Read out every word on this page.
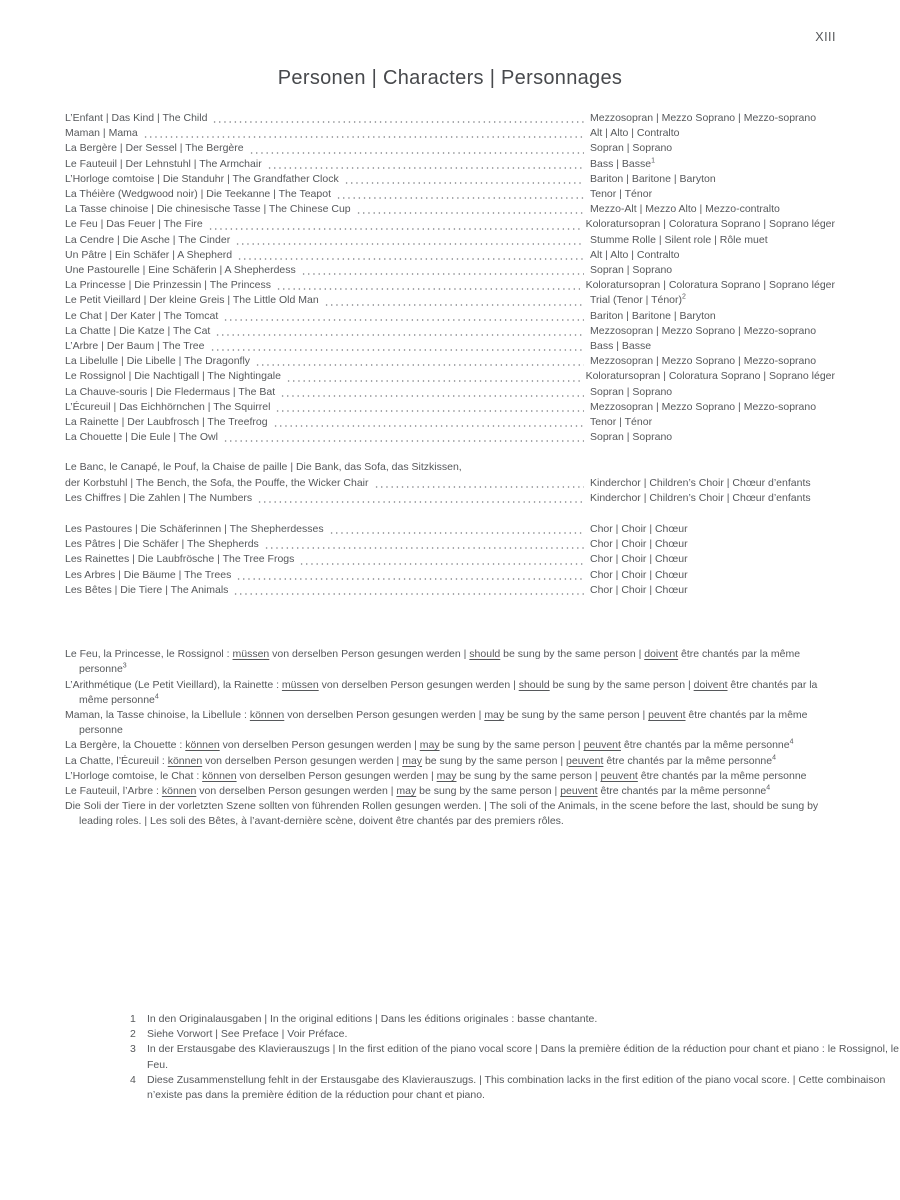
XIII
Personen | Characters | Personnages
L’Enfant | Das Kind | The Child	Mezzosopran | Mezzo Soprano | Mezzo-soprano
Maman | Mama	Alt | Alto | Contralto
La Bergère | Der Sessel | The Bergère	Sopran | Soprano
Le Fauteuil | Der Lehnstuhl | The Armchair	Bass | Basse$^1$
L’Horloge comtoise | Die Standuhr | The Grandfather Clock	Bariton | Baritone | Baryton
La Théière (Wedgwood noir) | Die Teekanne | The Teapot	Tenor | Ténor
La Tasse chinoise | Die chinesische Tasse | The Chinese Cup	Mezzo-Alt | Mezzo Alto | Mezzo-contralto
Le Feu | Das Feuer | The Fire	Koloratursopran | Coloratura Soprano | Soprano léger
La Cendre | Die Asche | The Cinder	Stumme Rolle | Silent role | Rôle muet
Un Pâtre | Ein Schäfer | A Shepherd	Alt | Alto | Contralto
Une Pastourelle | Eine Schäferin | A Shepherdess	Sopran | Soprano
La Princesse | Die Prinzessin | The Princess	Koloratursopran | Coloratura Soprano | Soprano léger
Le Petit Vieillard | Der kleine Greis | The Little Old Man	Trial (Tenor | Ténor)$^2$
Le Chat | Der Kater | The Tomcat	Bariton | Baritone | Baryton
La Chatte | Die Katze | The Cat	Mezzosopran | Mezzo Soprano | Mezzo-soprano
L’Arbre | Der Baum | The Tree	Bass | Basse
La Libelulle | Die Libelle | The Dragonfly	Mezzosopran | Mezzo Soprano | Mezzo-soprano
Le Rossignol | Die Nachtigall | The Nightingale	Koloratursopran | Coloratura Soprano | Soprano léger
La Chauve-souris | Die Fledermaus | The Bat	Sopran | Soprano
L’Écureuil | Das Eichhörnchen | The Squirrel	Mezzosopran | Mezzo Soprano | Mezzo-soprano
La Rainette | Der Laubfrosch | The Treefrog	Tenor | Ténor
La Chouette | Die Eule | The Owl	Sopran | Soprano
Le Banc, le Canapé, le Pouf, la Chaise de paille | Die Bank, das Sofa, das Sitzkissen,
der Korbstuhl | The Bench, the Sofa, the Pouffe, the Wicker Chair	Kinderchor | Children’s Choir | Chœur d’enfants
Les Chiffres | Die Zahlen | The Numbers	Kinderchor | Children’s Choir | Chœur d’enfants
Les Pastoures | Die Schäferinnen | The Shepherdesses	Chor | Choir | Chœur
Les Pâtres | Die Schäfer | The Shepherds	Chor | Choir | Chœur
Les Rainettes | Die Laubfrösche | The Tree Frogs	Chor | Choir | Chœur
Les Arbres | Die Bäume | The Trees	Chor | Choir | Chœur
Les Bêtes | Die Tiere | The Animals	Chor | Choir | Chœur

Le Feu, la Princesse, le Rossignol : müssen von derselben Person gesungen werden | should be sung by the same person | doivent être chantés par la même personne$^3$

L’Arithmétique (Le Petit Vieillard), la Rainette : müssen von derselben Person gesungen werden | should be sung by the same person | doivent être chantés par la même personne$^4$

Maman, la Tasse chinoise, la Libellule : können von derselben Person gesungen werden | may be sung by the same person | peuvent être chantés par la même personne

La Bergère, la Chouette : können von derselben Person gesungen werden | may be sung by the same person | peuvent être chantés par la même personne$^4$

La Chatte, l’Écureuil : können von derselben Person gesungen werden | may be sung by the same person | peuvent être chantés par la même personne$^4$

L’Horloge comtoise, le Chat : können von derselben Person gesungen werden | may be sung by the same person | peuvent être chantés par la même personne

Le Fauteuil, l’Arbre : können von derselben Person gesungen werden | may be sung by the same person | peuvent être chantés par la même personne$^4$

Die Soli der Tiere in der vorletzten Szene sollten von führenden Rollen gesungen werden. | The soli of the Animals, in the scene before the last, should be sung by leading roles. | Les soli des Bêtes, à l’avant-dernière scène, doivent être chantés par des premiers rôles.

1	In den Originalausgaben | In the original editions | Dans les éditions originales : basse chantante.
2	Siehe Vorwort | See Preface | Voir Préface.
3	In der Erstausgabe des Klavierauszugs | In the first edition of the piano vocal score | Dans la première édition de la réduction pour chant et piano : le Rossignol, le Feu.
4	Diese Zusammenstellung fehlt in der Erstausgabe des Klavierauszugs. | This combination lacks in the first edition of the piano vocal score. | Cette combinaison n’existe pas dans la première édition de la réduction pour chant et piano.
